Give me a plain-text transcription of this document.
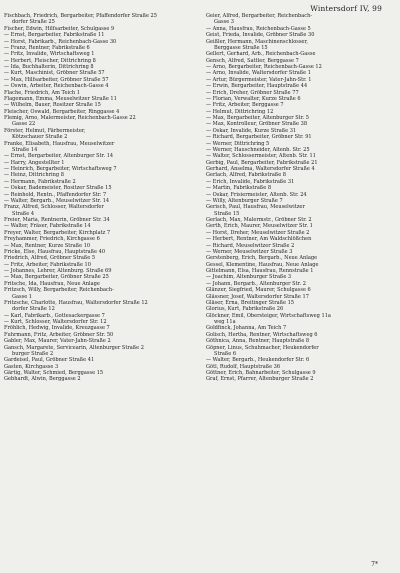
Wintersdorf IV, 99
Fischbach, Friedrich, Bergarbeiter, Pfaffendorfer Straße 25
dorfer Straße 25
Fischer, Edwin, Hilfsarbeiter, Schulgasse 9
— Ernst, Bergarbeiter, Fabrikstraße 11
— Horst, Fabrikarb., Reichenbach-Gasse 30
— Franz, Rentner, Fabrikstraße 6
— Fritz, Invalide, Wirtschaftsweg 1
— Herbert, Fleischer, Dittrichring 8
— Ida, Buchhalterin, Dittrichring 8
— Kurt, Maschinist, Gröbner Straße 57
— Max, Hilfsarbeiter, Gröbner Straße 57
— Oswin, Arbeiter, Reichenbach-Gasse 4
Flache, Friedrich, Am Teich 1
Flagemann, Emma, Meuselwitzer Straße 11
— Wilhelm, Bauer, Rositzer Straße 15
Fleischer, Oswald, Bergarbeiter, Ringgasse 4
Flemig, Arno, Malermeister, Reichenbach-Gasse 22
Gasse 22
Förster, Helmut, Färbermeister,
Kötzschauer Straße 2
Franke, Elisabeth, Hausfrau, Meuselwitzer
Straße 14
— Ernst, Bergarbeiter, Altenburger Str. 14
— Harry, Angestellter 1
— Heinrich, Bergarbeiter, Wirtschaftsweg 7
— Heinz, Dittrichring 8
— Hermann, Fabrikstraße 2
— Oskar, Bademeister, Rositzer Straße 15
— Reinhold, Rentn., Pfaffendorfer Str. 7
— Walter, Bergarb., Meuselwitzer Str. 14
Franz, Alfred, Schlosser, Waltersdorfer
Straße 4
Freier, Maria, Rentnerin, Gröbner Str. 34
— Walter, Fräser, Fabrikstraße 14
Freyer, Walter, Bergarbeiter, Kirchplatz 7
Freyhammer, Friedrich, Kirchgasse 6
— Max, Rentner, Kurze Straße 10
Fricke, Else, Hausfrau, Hauptstraße 40
Friedrich, Alfred, Gröbner Straße 5
— Fritz, Arbeiter, Fabrikstraße 10
— Johannes, Lehrer, Altenburg. Straße 69
— Max, Bergarbeiter, Gröbner Straße 25
Fritsche, Ida, Hausfrau, Neue Anlage
Fritzsch, Willy, Bergarbeiter, Reichenbach-
Gasse 1
Fritzsche, Charlotte, Hausfrau, Waltersdorfer Straße 12
dorfer Straße 12
— Karl, Fabrikarb., Gottesackergasse 7
— Kurt, Schlosser, Waltersdorfer Str. 12
Fröhlich, Hedwig, Invalide, Kreuzgasse 7
Fuhrmann, Fritz, Arbeiter, Gröbner Str. 50
Gabler, Max, Maurer, Vater-Jahn-Straße 2
Gansch, Margarete, Servicearin, Altenburger Straße 2
burger Straße 2
Gardeisel, Paul, Gröbner Straße 41
Gasten, Kirchgasse 3
Gärtig, Walter, Schmied, Berggasse 15
Gebhardt, Alwin, Berggasse 2
Geier, Alfred, Bergarbeiter, Reichenbach-
Gasse 3
— Anna, Hausfrau, Reichenbach-Gasse 5
Geist, Frieda, Invalide, Gröbner Straße 30
Geißler, Hermann, Maschinenschlosser,
Berggasse Straße 15
Gellert, Gerhard, Arb., Reichenbach-Gasse
Gensch, Alfred, Sattler, Berggasse 7
— Arno, Bergarbeiter, Reichenbach-Gasse 12
— Arno, Invalide, Waltersdorfer Straße 1
— Artur, Bürgermeister, Vater-Jahn-Str. 1
— Erwin, Bergarbeiter, Hauptstraße 44
— Erich, Dreher, Gröbner Straße 77
— Florian, Verwalter, Kurze Straße 6
— Fritz, Arbeiter, Berggasse 7
— Helmut, Dittrichring 12
— Max, Bergarbeiter, Altenburger Str. 5
— Max, Kontrolleur, Gröbner Straße 38
— Oskar, Invalide, Kurze Straße 31
— Richard, Bergarbeiter, Gröbner Str. 91
— Werner, Dittrichring 5
— Werner, Hauschneider, Altenb. Str. 25
— Walter, Schlossermeister, Altenb. Str. 11
Gerbig, Paul, Bergarbeiter, Fabrikstraße 21
Gerhard, Anselma, Waltersdorfer Straße 4
Gerlach, Alfred, Fabrikstraße 8
— Erich, Invalide, Fabrikstraße 31
— Martin, Fabrikstraße 8
— Oskar, Frisiermeister, Altenb. Str. 24
— Willy, Altenburger Straße 7
Gerisch, Paul, Hausfrau, Meuselwitzer
Straße 15
Gerlach, Max, Malermstr., Gröbner Str. 2
Gerth, Erich, Maurer, Meuselwitzer Str. 1
— Horst, Dreher, Meuselwitzer Straße 2
— Herbert, Rentner, Am Waldschlößchen
— Richard, Meuselwitzer Straße 2
— Werner, Meuselwitzer Straße 3
Gerstenberg, Erich, Bergarb., Neue Anlage
Gessel, Klementine, Hausfrau, Neue Anlage
Gittelmann, Elsa, Hausfrau, Rennstraße 1
— Joachim, Altenburger Straße 3
— Johann, Bergarb., Altenburger Str. 2
Glänzer, Siegfried, Maurer, Schulgasse 6
Glässner, Josef, Waltersdorfer Straße 17
Gläser, Erna, Breitinger Straße 15
Glorius, Kurt, Fabrikstraße 26
Glöckner, Emil, Obersteiger, Wirtschaftsweg 11a
weg 11a
Goldfinck, Johanna, Am Teich 7
Golisch, Hertha, Rentner, Wirtschaftsweg 6
Göthnica, Anna, Rentner, Hauptstraße 8
Göpner, Linus, Schuhmacher, Heukendorfer
Straße 6
— Walter, Bergarb., Heukendorfer Str. 6
Götl, Rudolf, Hauptstraße 36
Göttner, Erich, Bahnarbeiter, Schulgasse 9
Graf, Ernst, Pfarrer, Altenburger Straße 2
7*
